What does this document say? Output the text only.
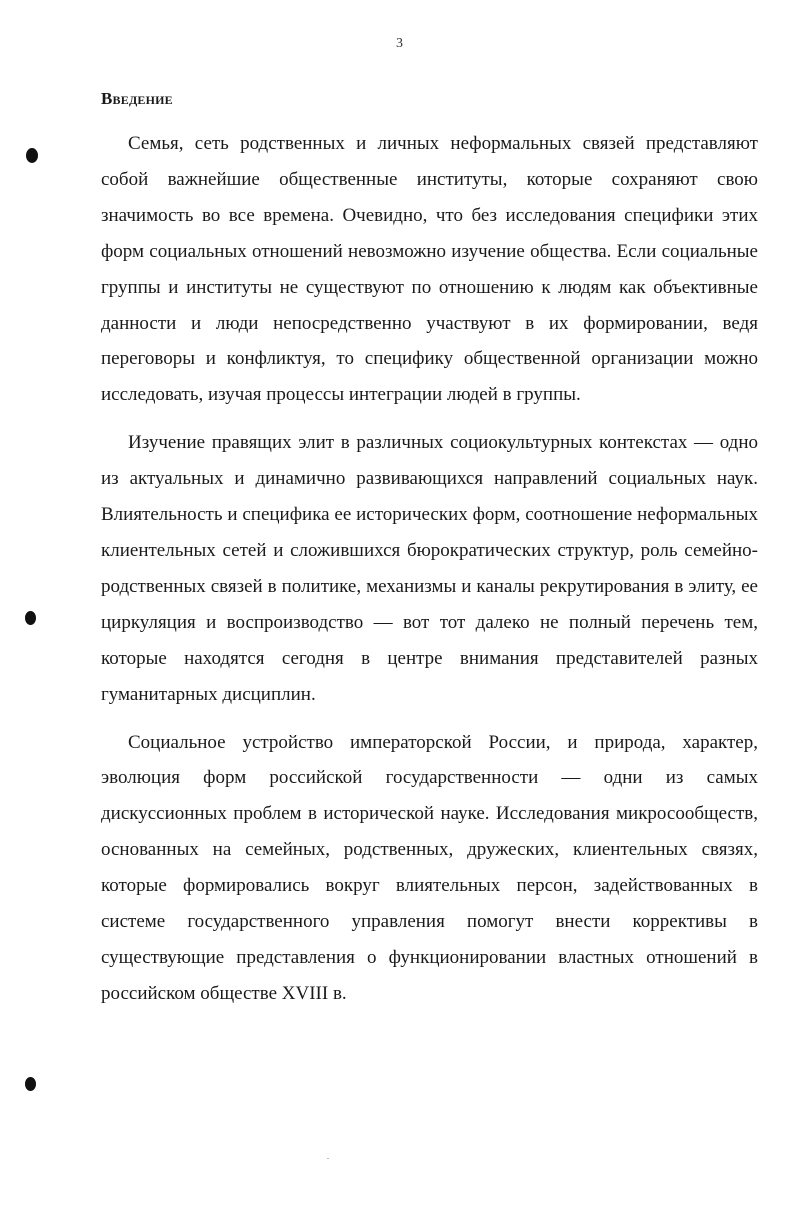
3
Введение

Семья, сеть родственных и личных неформальных связей представляют собой важнейшие общественные институты, которые сохраняют свою значимость во все времена. Очевидно, что без исследования специфики этих форм социальных отношений невозможно изучение общества. Если социальные группы и институты не существуют по отношению к людям как объективные данности и люди непосредственно участвуют в их формировании, ведя переговоры и конфликтуя, то специфику общественной организации можно исследовать, изучая процессы интеграции людей в группы.

Изучение правящих элит в различных социокультурных контекстах — одно из актуальных и динамично развивающихся направлений социальных наук. Влиятельность и специфика ее исторических форм, соотношение неформальных клиентельных сетей и сложившихся бюрократических структур, роль семейно-родственных связей в политике, механизмы и каналы рекрутирования в элиту, ее циркуляция и воспроизводство — вот тот далеко не полный перечень тем, которые находятся сегодня в центре внимания представителей разных гуманитарных дисциплин.

Социальное устройство императорской России, и природа, характер, эволюция форм российской государственности — одни из самых дискуссионных проблем в исторической науке. Исследования микросообществ, основанных на семейных, родственных, дружеских, клиентельных связях, которые формировались вокруг влиятельных персон, задействованных в системе государственного управления помогут внести коррективы в существующие представления о функционировании властных отношений в российском обществе XVIII в.
